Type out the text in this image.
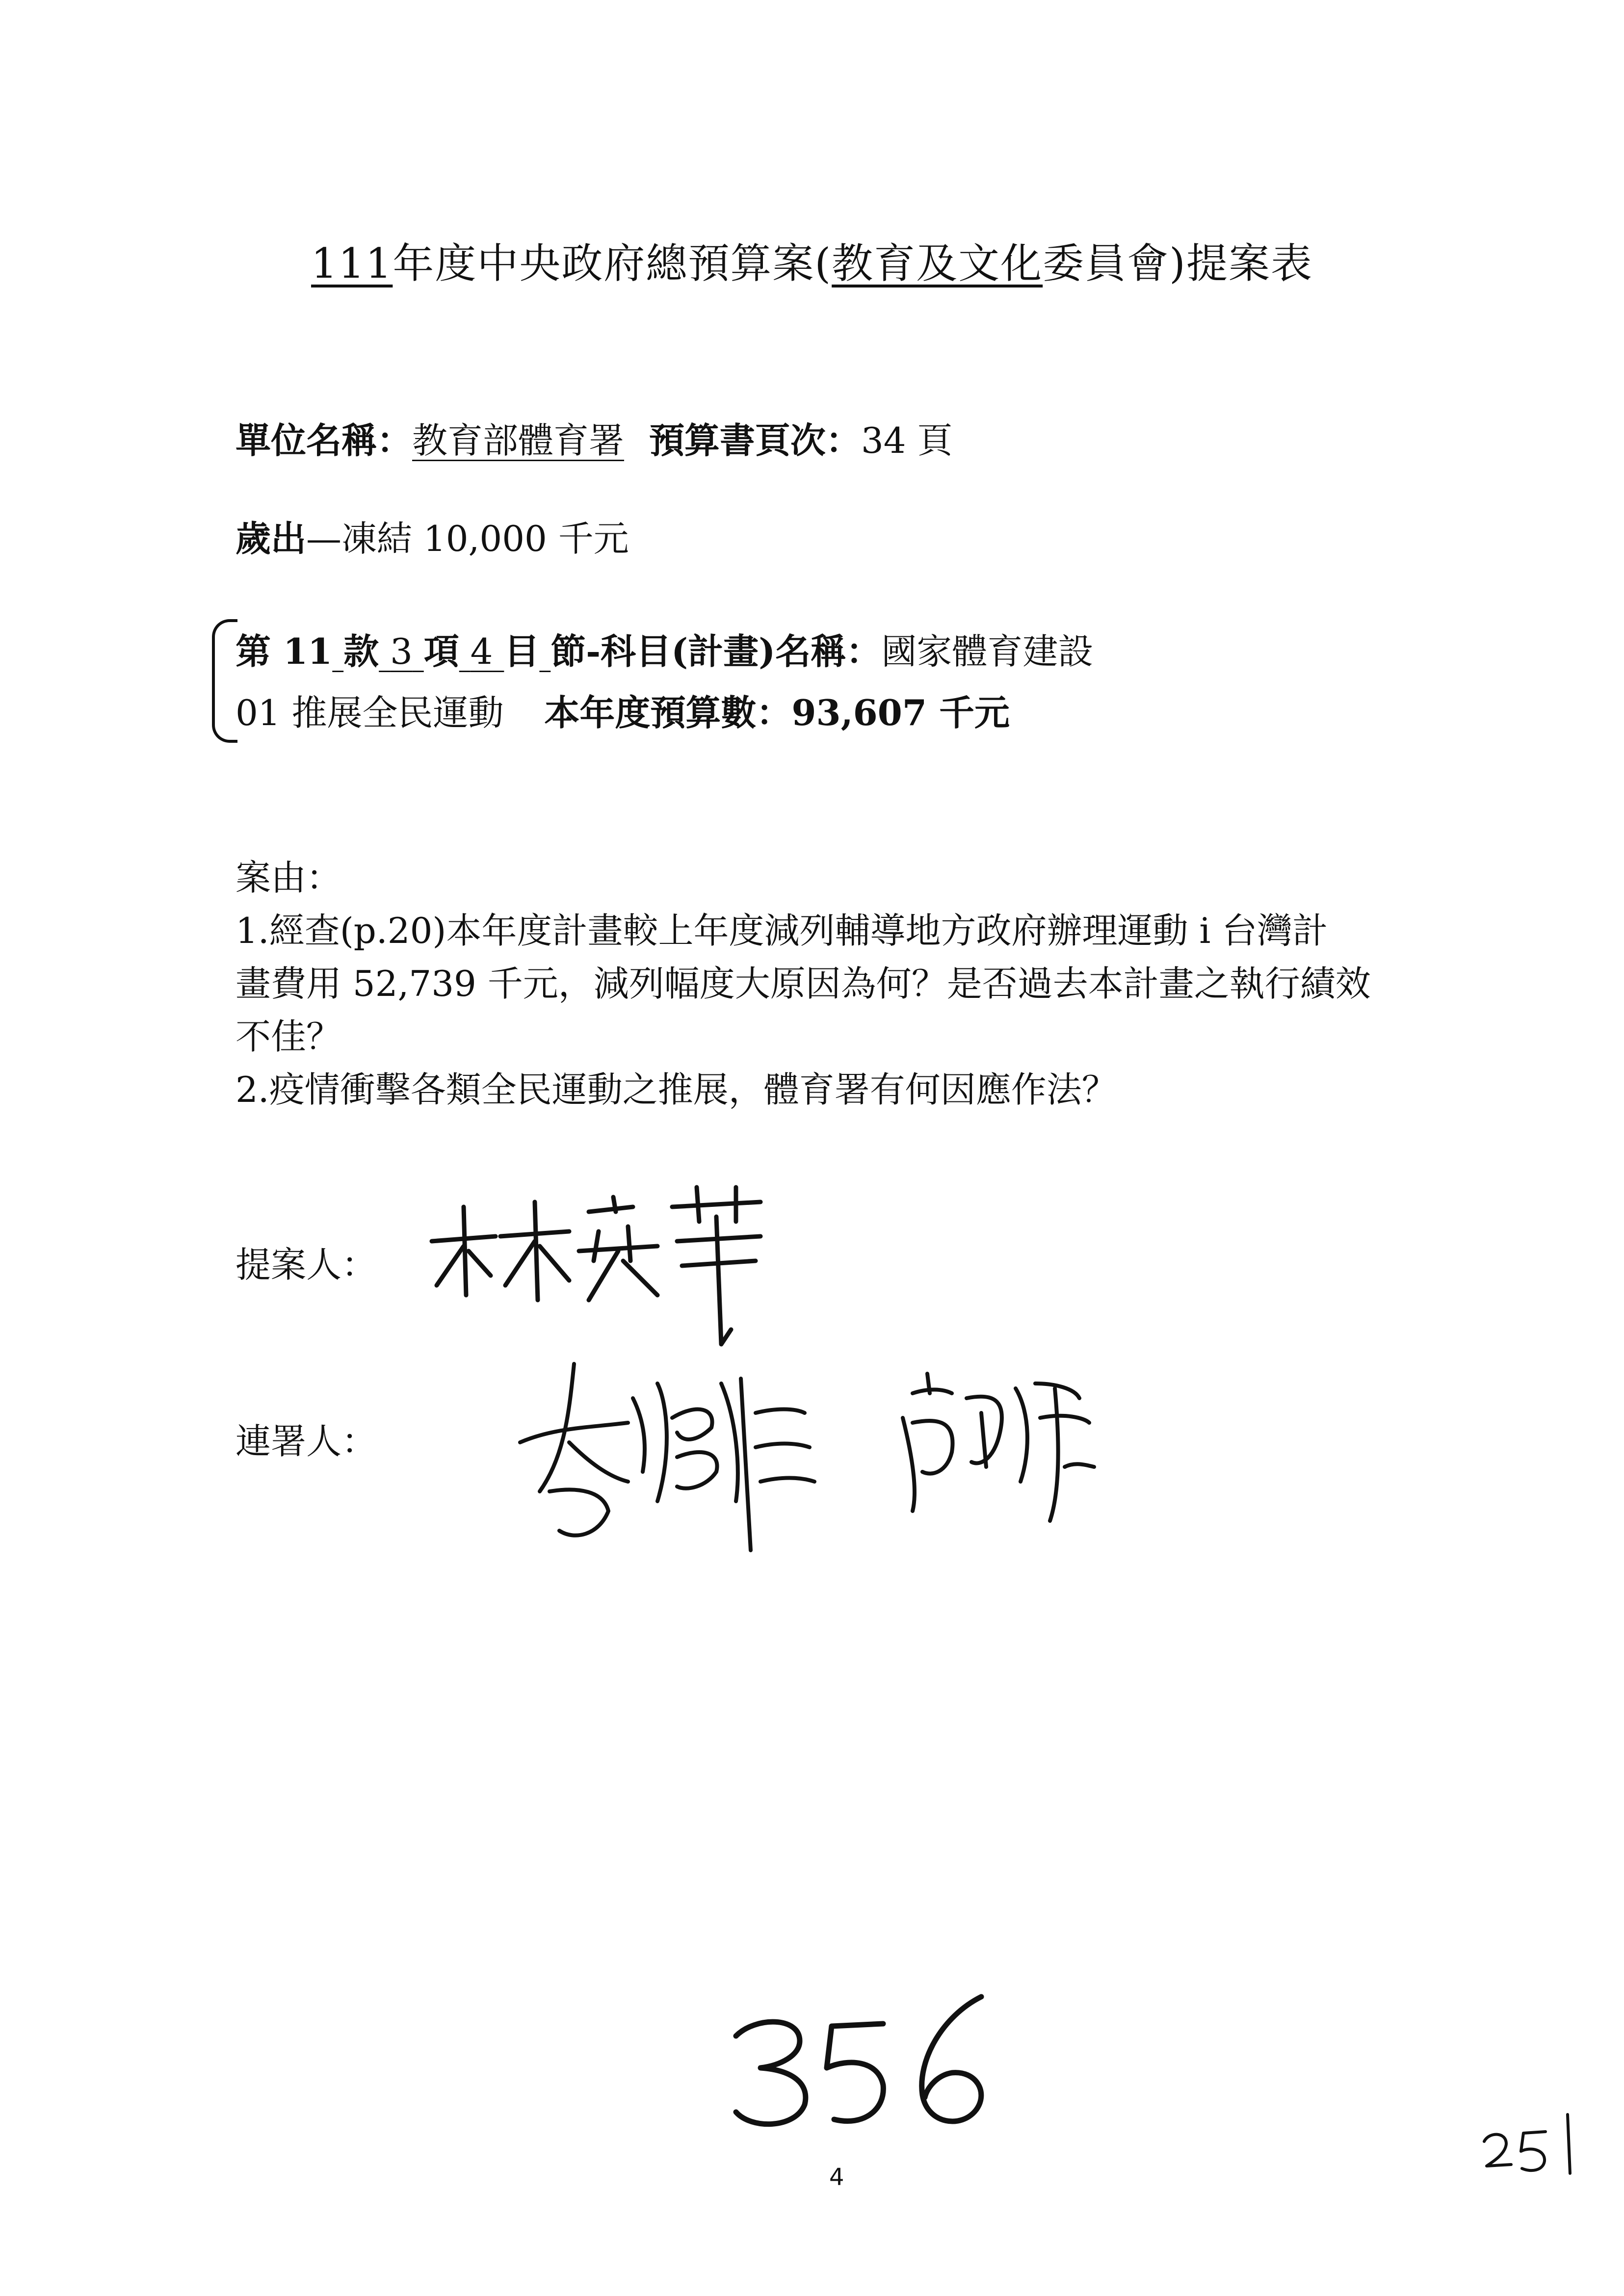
111年度中央政府總預算案(教育及文化委員會)提案表
單位名稱：教育部體育署 預算書頁次：34 頁
歲出—凍結 10,000 千元
第 11 款 3 項 4 目 節-科目(計畫)名稱：國家體育建設
01 推展全民運動 本年度預算數：93,607 千元
案由：
1.經查(p.20)本年度計畫較上年度減列輔導地方政府辦理運動 i 台灣計
畫費用 52,739 千元，減列幅度大原因為何？是否過去本計畫之執行績效
不佳？
2.疫情衝擊各類全民運動之推展，體育署有何因應作法？
提案人：
連署人：
4
